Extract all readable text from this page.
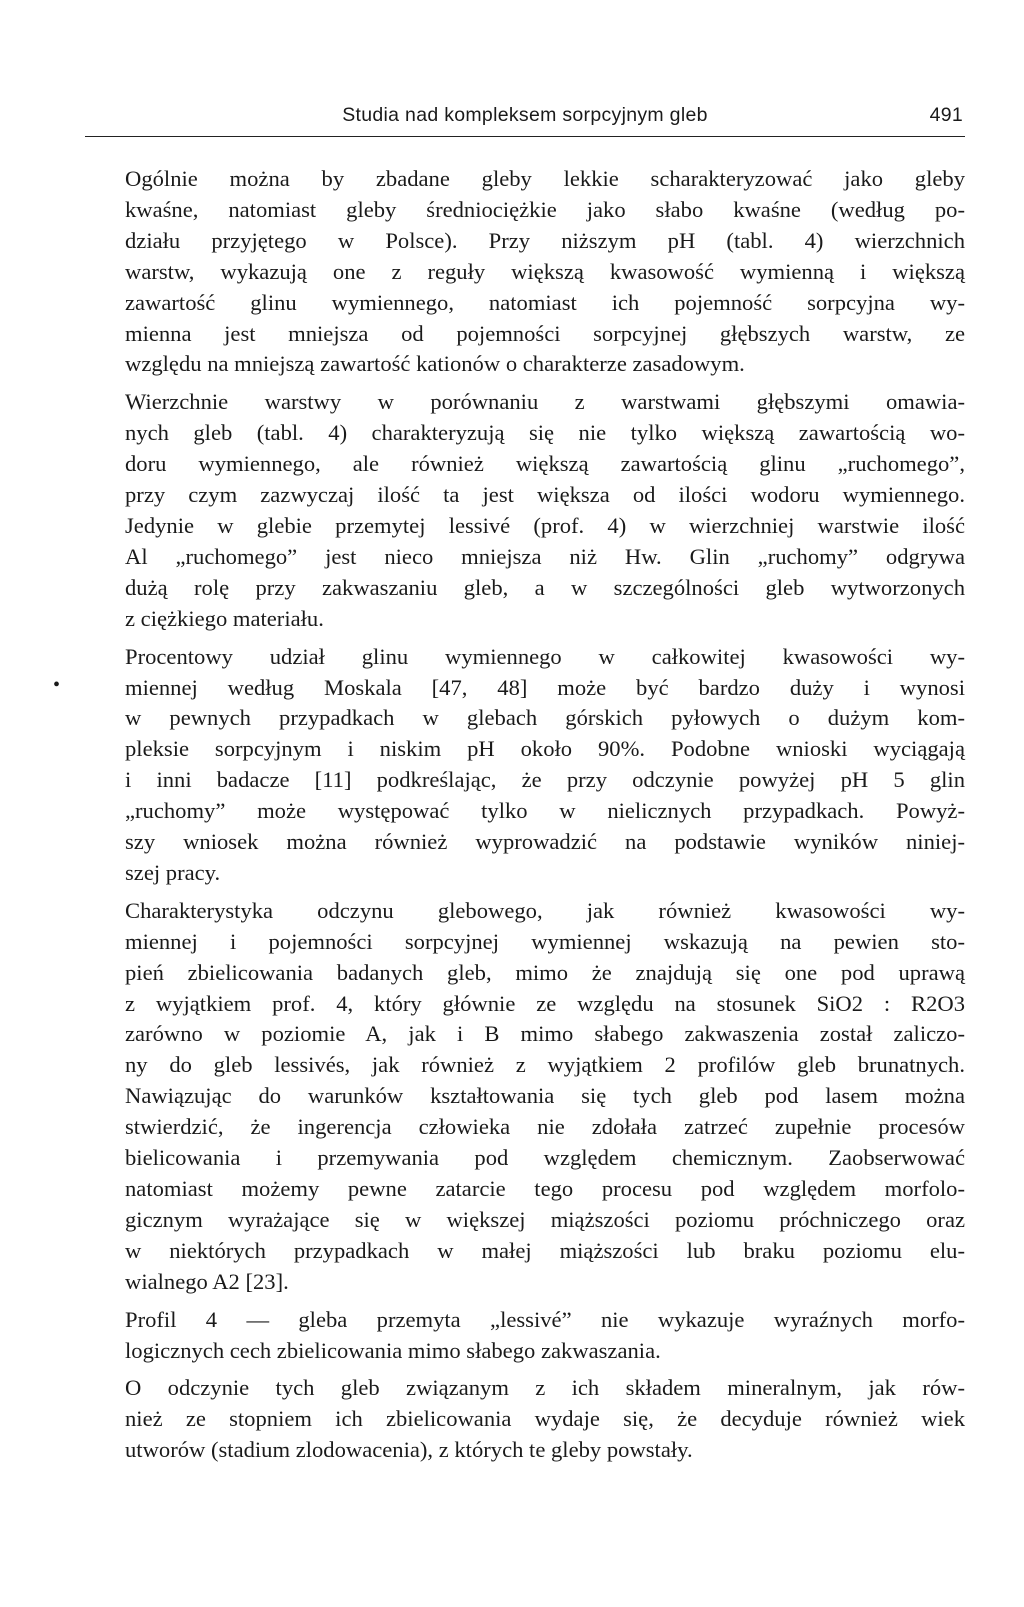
Studia nad kompleksem sorpcyjnym gleb	491
•

Ogólnie można by zbadane gleby lekkie scharakteryzować jako gleby
kwaśne, natomiast gleby średniociężkie jako słabo kwaśne (według po-
działu przyjętego w Polsce). Przy niższym pH (tabl. 4) wierzchnich
warstw, wykazują one z reguły większą kwasowość wymienną i większą
zawartość glinu wymiennego, natomiast ich pojemność sorpcyjna wy-
mienna jest mniejsza od pojemności sorpcyjnej głębszych warstw, ze
względu na mniejszą zawartość kationów o charakterze zasadowym.

Wierzchnie warstwy w porównaniu z warstwami głębszymi omawia-
nych gleb (tabl. 4) charakteryzują się nie tylko większą zawartością wo-
doru wymiennego, ale również większą zawartością glinu „ruchomego”,
przy czym zazwyczaj ilość ta jest większa od ilości wodoru wymiennego.
Jedynie w glebie przemytej lessivé (prof. 4) w wierzchniej warstwie ilość
Al „ruchomego” jest nieco mniejsza niż Hw. Glin „ruchomy” odgrywa
dużą rolę przy zakwaszaniu gleb, a w szczególności gleb wytworzonych
z ciężkiego materiału.

Procentowy udział glinu wymiennego w całkowitej kwasowości wy-
miennej według Moskala [47, 48] może być bardzo duży i wynosi
w pewnych przypadkach w glebach górskich pyłowych o dużym kom-
pleksie sorpcyjnym i niskim pH około 90%. Podobne wnioski wyciągają
i inni badacze [11] podkreślając, że przy odczynie powyżej pH 5 glin
„ruchomy” może występować tylko w nielicznych przypadkach. Powyż-
szy wniosek można również wyprowadzić na podstawie wyników niniej-
szej pracy.

Charakterystyka odczynu glebowego, jak również kwasowości wy-
miennej i pojemności sorpcyjnej wymiennej wskazują na pewien sto-
pień zbielicowania badanych gleb, mimo że znajdują się one pod uprawą
z wyjątkiem prof. 4, który głównie ze względu na stosunek SiO2 : R2O3
zarówno w poziomie A, jak i B mimo słabego zakwaszenia został zaliczo-
ny do gleb lessivés, jak również z wyjątkiem 2 profilów gleb brunatnych.
Nawiązując do warunków kształtowania się tych gleb pod lasem można
stwierdzić, że ingerencja człowieka nie zdołała zatrzeć zupełnie procesów
bielicowania i przemywania pod względem chemicznym. Zaobserwować
natomiast możemy pewne zatarcie tego procesu pod względem morfolo-
gicznym wyrażające się w większej miąższości poziomu próchniczego oraz
w niektórych przypadkach w małej miąższości lub braku poziomu elu-
wialnego A2 [23].

Profil 4 — gleba przemyta „lessivé” nie wykazuje wyraźnych morfo-
logicznych cech zbielicowania mimo słabego zakwaszania.

O odczynie tych gleb związanym z ich składem mineralnym, jak rów-
nież ze stopniem ich zbielicowania wydaje się, że decyduje również wiek
utworów (stadium zlodowacenia), z których te gleby powstały.
